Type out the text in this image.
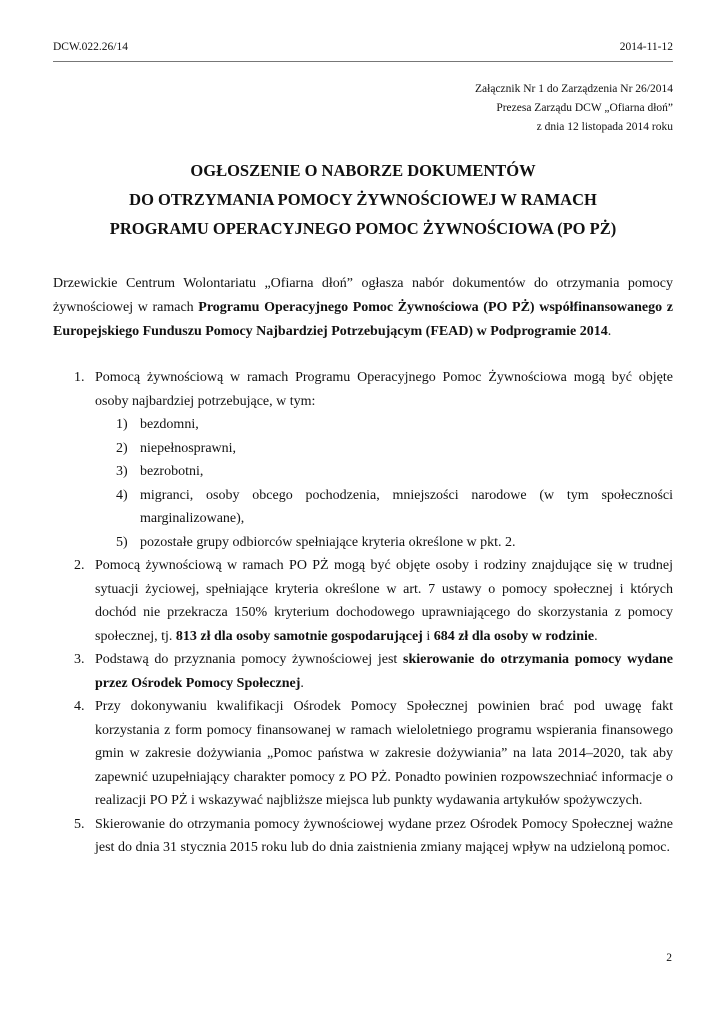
DCW.022.26/14	2014-11-12
Załącznik Nr 1 do Zarządzenia Nr 26/2014
Prezesa Zarządu DCW „Ofiarna dłoń”
z dnia 12 listopada 2014 roku
OGŁOSZENIE O NABORZE DOKUMENTÓW
DO OTRZYMANIA POMOCY ŻYWNOŚCIOWEJ W RAMACH
PROGRAMU OPERACYJNEGO POMOC ŻYWNOŚCIOWA (PO PŻ)
Drzewickie Centrum Wolontariatu „Ofiarna dłoń” ogłasza nabór dokumentów do otrzymania pomocy żywnościowej w ramach Programu Operacyjnego Pomoc Żywnościowa (PO PŻ) współfinansowanego z Europejskiego Funduszu Pomocy Najbardziej Potrzebującym (FEAD) w Podprogramie 2014.
1. Pomocą żywnościową w ramach Programu Operacyjnego Pomoc Żywnościowa mogą być objęte osoby najbardziej potrzebujące, w tym:
1) bezdomni,
2) niepełnosprawni,
3) bezrobotni,
4) migranci, osoby obcego pochodzenia, mniejszości narodowe (w tym społeczności marginalizowane),
5) pozostałe grupy odbiorców spełniające kryteria określone w pkt. 2.
2. Pomocą żywnościową w ramach PO PŻ mogą być objęte osoby i rodziny znajdujące się w trudnej sytuacji życiowej, spełniające kryteria określone w art. 7 ustawy o pomocy społecznej i których dochód nie przekracza 150% kryterium dochodowego uprawniającego do skorzystania z pomocy społecznej, tj. 813 zł dla osoby samotnie gospodarującej i 684 zł dla osoby w rodzinie.
3. Podstawą do przyznania pomocy żywnościowej jest skierowanie do otrzymania pomocy wydane przez Ośrodek Pomocy Społecznej.
4. Przy dokonywaniu kwalifikacji Ośrodek Pomocy Społecznej powinien brać pod uwagę fakt korzystania z form pomocy finansowanej w ramach wieloletniego programu wspierania finansowego gmin w zakresie dożywiania „Pomoc państwa w zakresie dożywiania” na lata 2014–2020, tak aby zapewnić uzupełniający charakter pomocy z PO PŻ. Ponadto powinien rozpowszechniać informacje o realizacji PO PŻ i wskazywać najbliższe miejsca lub punkty wydawania artykułów spożywczych.
5. Skierowanie do otrzymania pomocy żywnościowej wydane przez Ośrodek Pomocy Społecznej ważne jest do dnia 31 stycznia 2015 roku lub do dnia zaistnienia zmiany mającej wpływ na udzieloną pomoc.
2
